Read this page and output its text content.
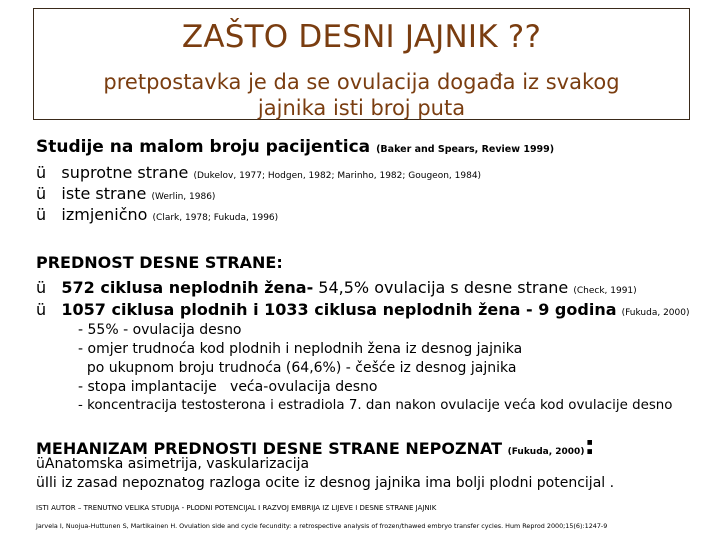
ZAŠTO DESNI JAJNIK ??
pretpostavka je da se ovulacija događa iz svakog
jajnika isti broj puta
Studije na malom broju pacijentica (Baker and Spears, Review 1999)
ü suprotne strane (Dukelov, 1977; Hodgen, 1982; Marinho, 1982; Gougeon, 1984)
ü iste strane (Werlin, 1986)
ü izmjenično (Clark, 1978; Fukuda, 1996)
PREDNOST DESNE STRANE:
ü 572 ciklusa neplodnih žena- 54,5% ovulacija s desne strane (Check, 1991)
ü 1057 ciklusa plodnih i 1033 ciklusa neplodnih žena - 9 godina (Fukuda, 2000)
- 55% - ovulacija desno
- omjer trudnoća kod plodnih i neplodnih žena iz desnog jajnika
po ukupnom broju trudnoća (64,6%) - češće iz desnog jajnika
- stopa implantacije   veća-ovulacija desno
- koncentracija testosterona i estradiola 7. dan nakon ovulacije veća kod ovulacije desno
MEHANIZAM PREDNOSTI DESNE STRANE NEPOZNAT (Fukuda, 2000):
üAnatomska asimetrija, vaskularizacija
üIli iz zasad nepoznatog razloga ocite iz desnog jajnika ima bolji plodni potencijal .
ISTI AUTOR – TRENUTNO VELIKA STUDIJA - PLODNI POTENCIJAL I RAZVOJ EMBRIJA IZ LIJEVE I DESNE STRANE JAJNIK
Jarvela I, Nuojua-Huttunen S, Martikainen H. Ovulation side and cycle fecundity: a retrospective analysis of frozen/thawed embryo transfer cycles. Hum Reprod 2000;15(6):1247-9
